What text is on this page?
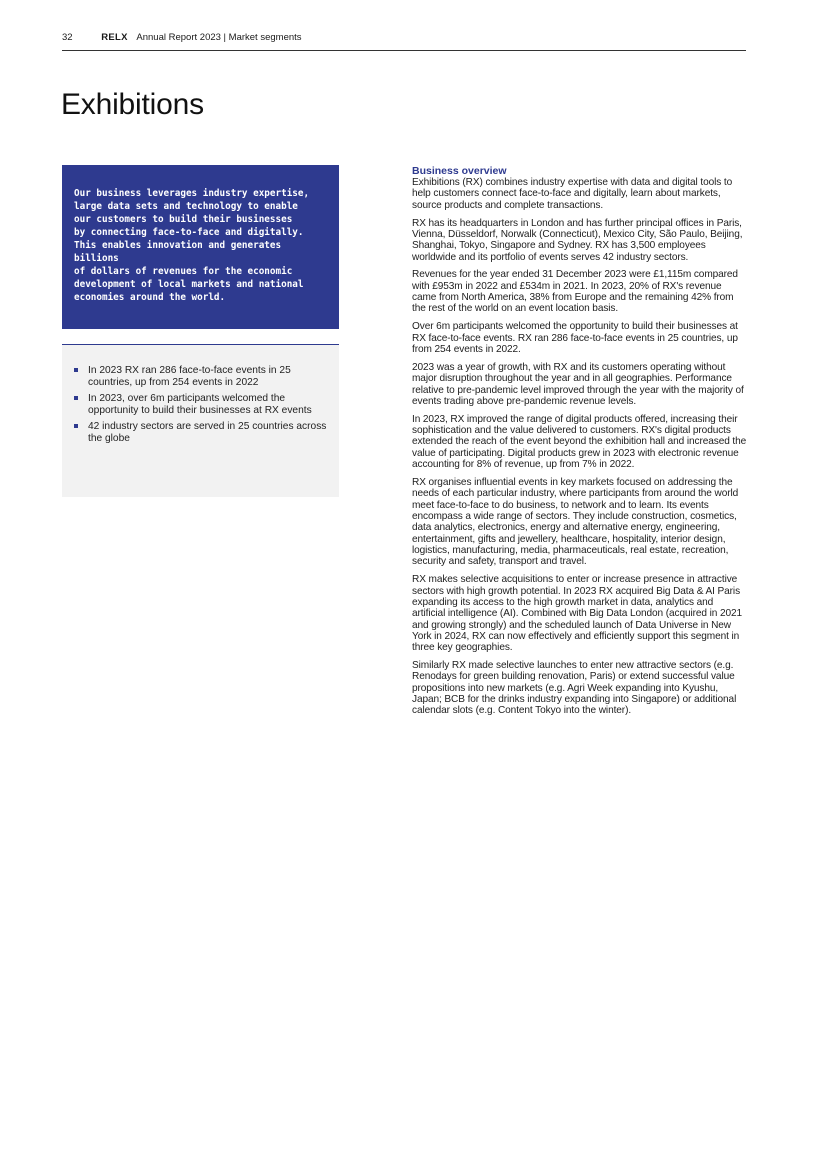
32	RELX Annual Report 2023 | Market segments
Exhibitions

Our business leverages industry expertise,

large data sets and technology to enable

our customers to build their businesses

by connecting face-to-face and digitally.

This enables innovation and generates billions

of dollars of revenues for the economic

development of local markets and national

economies around the world.

In 2023 RX ran 286 face-to-face events in 25 countries, up from 254 events in 2022
In 2023, over 6m participants welcomed the opportunity to build their businesses at RX events
42 industry sectors are served in 25 countries across the globe
Business overview

Exhibitions (RX) combines industry expertise with data and digital tools to help customers connect face-to-face and digitally, learn about markets, source products and complete transactions.

RX has its headquarters in London and has further principal offices in Paris, Vienna, Düsseldorf, Norwalk (Connecticut), Mexico City, São Paulo, Beijing, Shanghai, Tokyo, Singapore and Sydney. RX has 3,500 employees worldwide and its portfolio of events serves 42 industry sectors.

Revenues for the year ended 31 December 2023 were £1,115m compared with £953m in 2022 and £534m in 2021. In 2023, 20% of RX's revenue came from North America, 38% from Europe and the remaining 42% from the rest of the world on an event location basis.

Over 6m participants welcomed the opportunity to build their businesses at RX face-to-face events. RX ran 286 face-to-face events in 25 countries, up from 254 events in 2022.

2023 was a year of growth, with RX and its customers operating without major disruption throughout the year and in all geographies. Performance relative to pre-pandemic level improved through the year with the majority of events trading above pre-pandemic revenue levels.

In 2023, RX improved the range of digital products offered, increasing their sophistication and the value delivered to customers. RX's digital products extended the reach of the event beyond the exhibition hall and increased the value of participating. Digital products grew in 2023 with electronic revenue accounting for 8% of revenue, up from 7% in 2022.

RX organises influential events in key markets focused on addressing the needs of each particular industry, where participants from around the world meet face-to-face to do business, to network and to learn. Its events encompass a wide range of sectors. They include construction, cosmetics, data analytics, electronics, energy and alternative energy, engineering, entertainment, gifts and jewellery, healthcare, hospitality, interior design, logistics, manufacturing, media, pharmaceuticals, real estate, recreation, security and safety, transport and travel.

RX makes selective acquisitions to enter or increase presence in attractive sectors with high growth potential. In 2023 RX acquired Big Data & AI Paris expanding its access to the high growth market in data, analytics and artificial intelligence (AI). Combined with Big Data London (acquired in 2021 and growing strongly) and the scheduled launch of Data Universe in New York in 2024, RX can now effectively and efficiently support this segment in three key geographies.

Similarly RX made selective launches to enter new attractive sectors (e.g. Renodays for green building renovation, Paris) or extend successful value propositions into new markets (e.g. Agri Week expanding into Kyushu, Japan; BCB for the drinks industry expanding into Singapore) or additional calendar slots (e.g. Content Tokyo into the winter).
